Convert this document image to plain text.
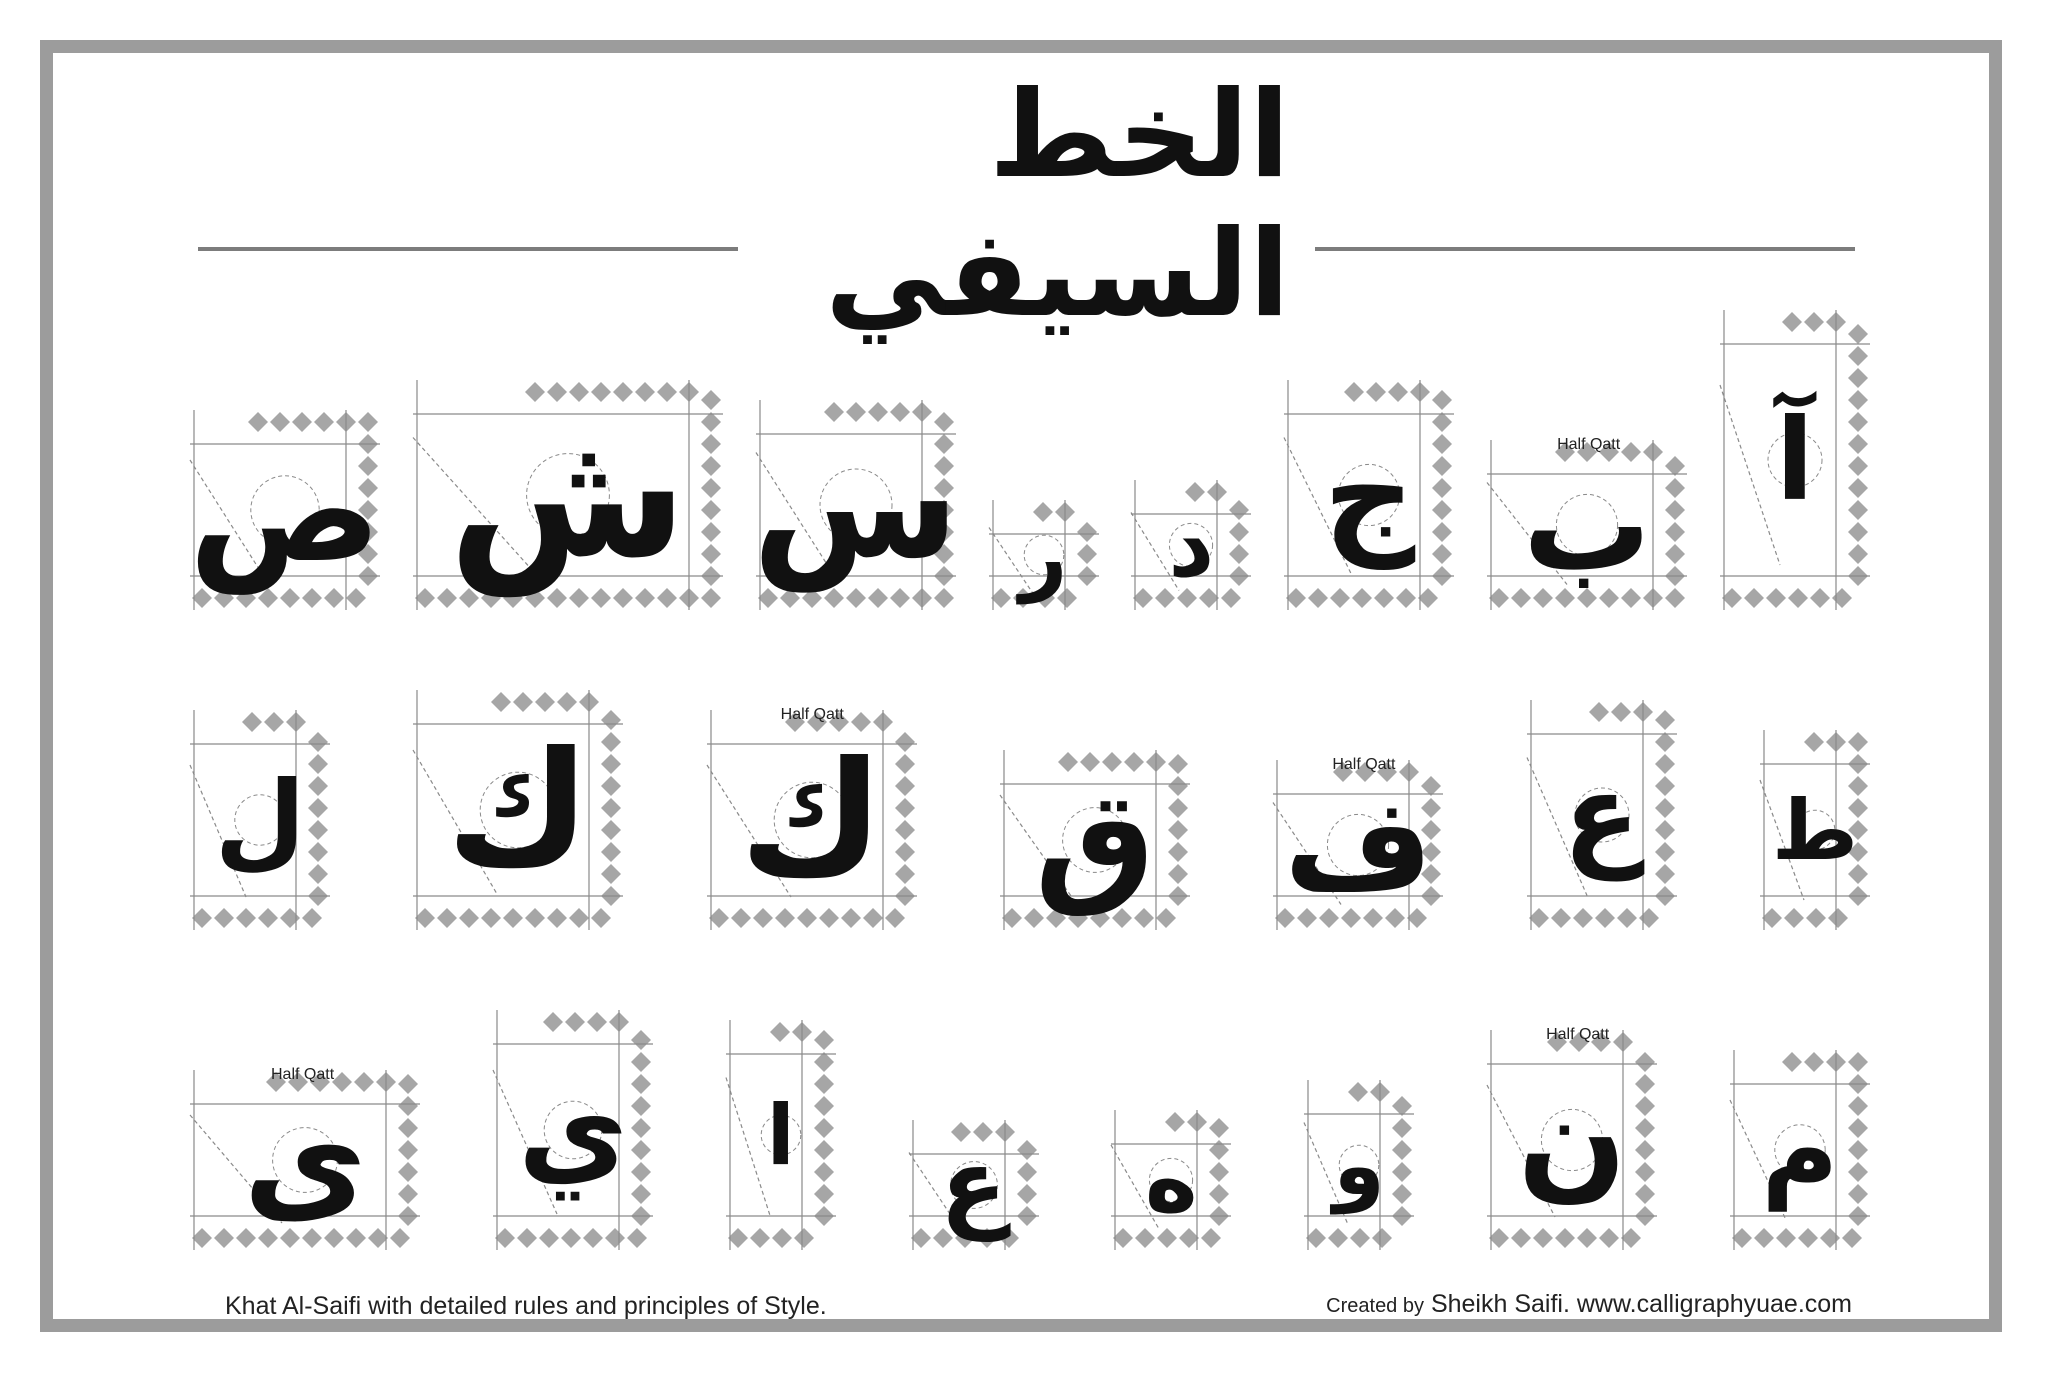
الخط السيفي
آ
ب
Half Qatt
ج
د
ر
س
ش
ص
ط
ع
ف
Half Qatt
ق
ك
Half Qatt
ك
ل
م
ن
Half Qatt
و
ه
ع
ا
ي
ى
Half Qatt
Khat Al-Saifi with detailed rules and principles of Style.	Created by Sheikh Saifi. www.calligraphyuae.com
